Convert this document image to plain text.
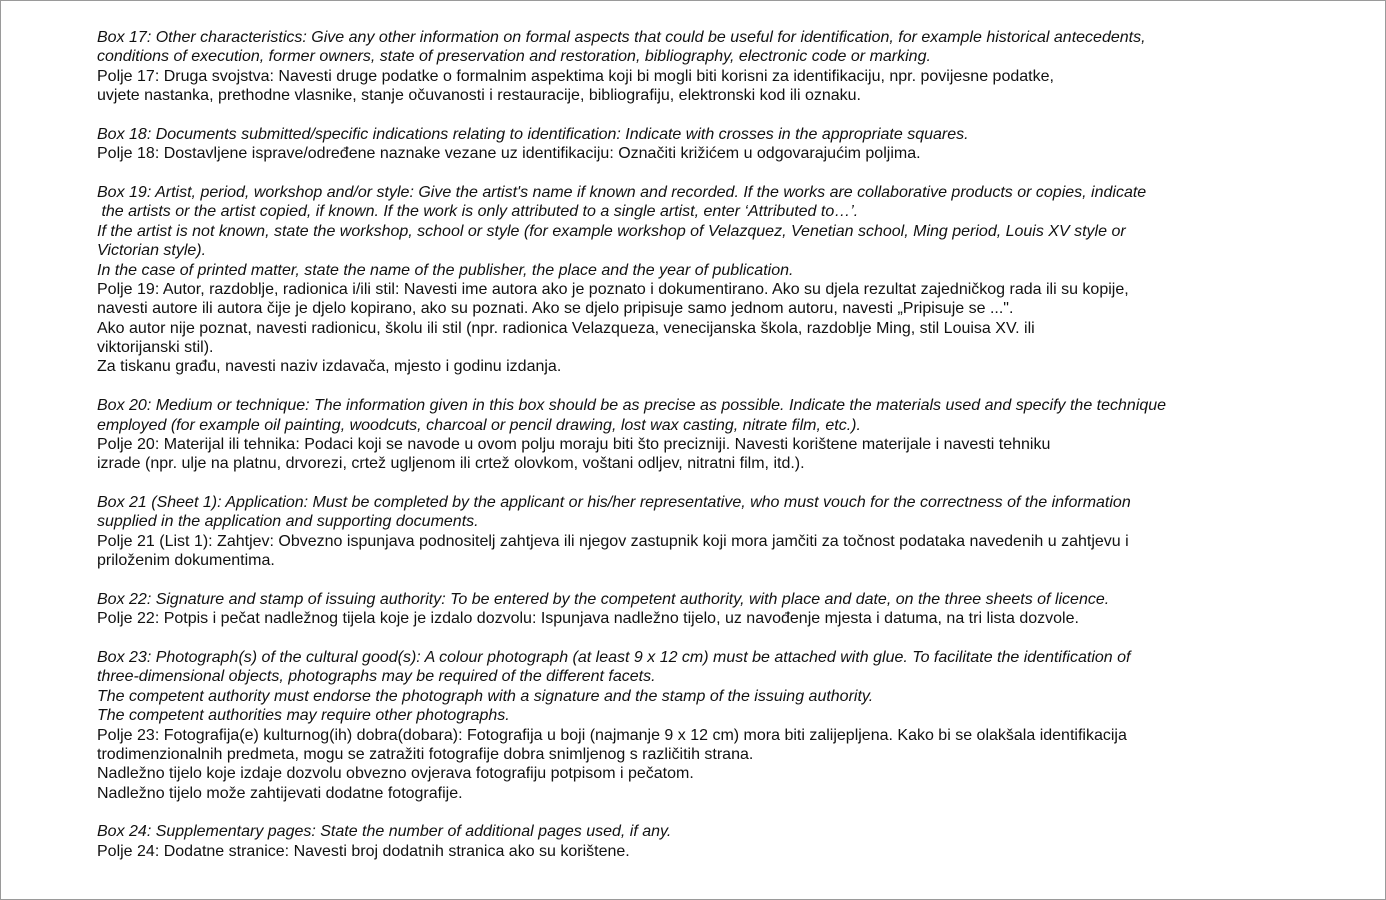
Box 17: Other characteristics: Give any other information on formal aspects that could be useful for identification, for example historical antecedents,
conditions of execution, former owners, state of preservation and restoration, bibliography, electronic code or marking.
Polje 17: Druga svojstva: Navesti druge podatke o formalnim aspektima koji bi mogli biti korisni za identifikaciju, npr. povijesne podatke,
uvjete nastanka, prethodne vlasnike, stanje očuvanosti i restauracije, bibliografiju, elektronski kod ili oznaku.
Box 18: Documents submitted/specific indications relating to identification: Indicate with crosses in the appropriate squares.
Polje 18: Dostavljene isprave/određene naznake vezane uz identifikaciju: Označiti križićem u odgovarajućim poljima.
Box 19: Artist, period, workshop and/or style: Give the artist's name if known and recorded. If the works are collaborative products or copies, indicate
the artists or the artist copied, if known. If the work is only attributed to a single artist, enter ‘Attributed to…’.
If the artist is not known, state the workshop, school or style (for example workshop of Velazquez, Venetian school, Ming period, Louis XV style or
Victorian style).
In the case of printed matter, state the name of the publisher, the place and the year of publication.
Polje 19: Autor, razdoblje, radionica i/ili stil: Navesti ime autora ako je poznato i dokumentirano. Ako su djela rezultat zajedničkog rada ili su kopije,
navesti autore ili autora čije je djelo kopirano, ako su poznati. Ako se djelo pripisuje samo jednom autoru, navesti „Pripisuje se ...".
Ako autor nije poznat, navesti radionicu, školu ili stil (npr. radionica Velazqueza, venecijanska škola, razdoblje Ming, stil Louisa XV. ili
viktorijanski stil).
Za tiskanu građu, navesti naziv izdavača, mjesto i godinu izdanja.
Box 20: Medium or technique: The information given in this box should be as precise as possible. Indicate the materials used and specify the technique
employed (for example oil painting, woodcuts, charcoal or pencil drawing, lost wax casting, nitrate film, etc.).
Polje 20: Materijal ili tehnika: Podaci koji se navode u ovom polju moraju biti što precizniji. Navesti korištene materijale i navesti tehniku
izrade (npr. ulje na platnu, drvorezi, crtež ugljenom ili crtež olovkom, voštani odljev, nitratni film, itd.).
Box 21 (Sheet 1): Application: Must be completed by the applicant or his/her representative, who must vouch for the correctness of the information
supplied in the application and supporting documents.
Polje 21 (List 1): Zahtjev: Obvezno ispunjava podnositelj zahtjeva ili njegov zastupnik koji mora jamčiti za točnost podataka navedenih u zahtjevu i
priloženim dokumentima.
Box 22: Signature and stamp of issuing authority: To be entered by the competent authority, with place and date, on the three sheets of licence.
Polje 22: Potpis i pečat nadležnog tijela koje je izdalo dozvolu: Ispunjava nadležno tijelo, uz navođenje mjesta i datuma, na tri lista dozvole.
Box 23: Photograph(s) of the cultural good(s): A colour photograph (at least 9 x 12 cm) must be attached with glue. To facilitate the identification of
three-dimensional objects, photographs may be required of the different facets.
The competent authority must endorse the photograph with a signature and the stamp of the issuing authority.
The competent authorities may require other photographs.
Polje 23: Fotografija(e) kulturnog(ih) dobra(dobara): Fotografija u boji (najmanje 9 x 12 cm) mora biti zalijepljena. Kako bi se olakšala identifikacija
trodimenzionalnih predmeta, mogu se zatražiti fotografije dobra snimljenog s različitih strana.
Nadležno tijelo koje izdaje dozvolu obvezno ovjerava fotografiju potpisom i pečatom.
Nadležno tijelo može zahtijevati dodatne fotografije.
Box 24: Supplementary pages: State the number of additional pages used, if any.
Polje 24: Dodatne stranice: Navesti broj dodatnih stranica ako su korištene.
